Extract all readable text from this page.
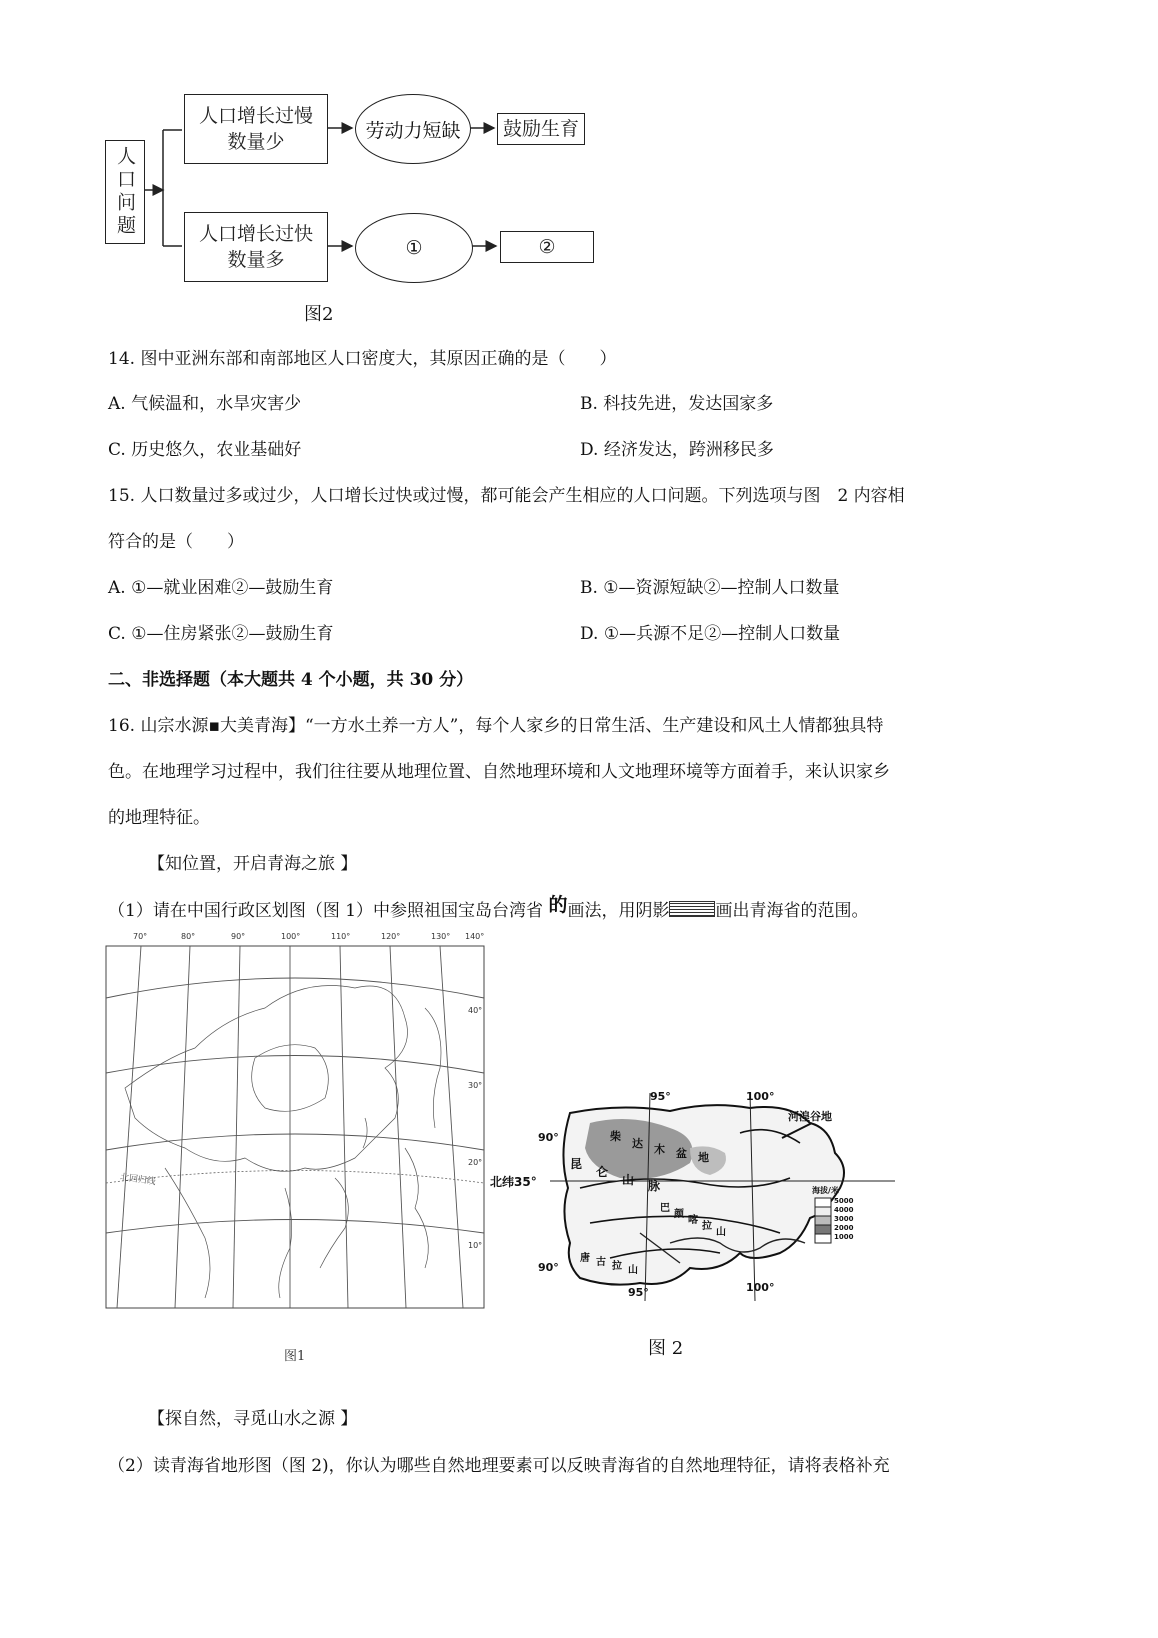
人口问题
人口增长过慢
数量少
劳动力短缺 鼓励生育
人口增长过快
数量多
①	②
图2
14. 图中亚洲东部和南部地区人口密度大，其原因正确的是（　　）
A. 气候温和，水旱灾害少	B. 科技先进，发达国家多
C. 历史悠久，农业基础好	D. 经济发达，跨洲移民多
15. 人口数量过多或过少，人口增长过快或过慢，都可能会产生相应的人口问题。下列选项与图　2 内容相
符合的是（　　）
A. ①—就业困难②—鼓励生育	B. ①—资源短缺②—控制人口数量
C. ①—住房紧张②—鼓励生育	D. ①—兵源不足②—控制人口数量
二、非选择题（本大题共 4 个小题，共 30 分）
16. 山宗水源▪大美青海】“一方水土养一方人”，每个人家乡的日常生活、生产建设和风土人情都独具特
色。在地理学习过程中，我们往往要从地理位置、自然地理环境和人文地理环境等方面着手，来认识家乡
的地理特征。
【知位置，开启青海之旅 】
（1）请在中国行政区划图（图 1）中参照祖国宝岛台湾省 的画法，用阴影	画出青海省的范围。
70°	80°	90°	100°	110°	120°	130° 140°
40°
30°
20°
10°
北回归线
图1
95°	100°
90°
95°	100°
90°
柴
达 木 盆 地
昆
仑
山 脉
巴
颜
喀
拉
山
唐 古 拉 山
北纬35°
河湟谷地
海拔/米
5000
4000
3000
2000
1000
图 2
【探自然，寻觅山水之源 】
（2）读青海省地形图（图 2)，你认为哪些自然地理要素可以反映青海省的自然地理特征，请将表格补充
